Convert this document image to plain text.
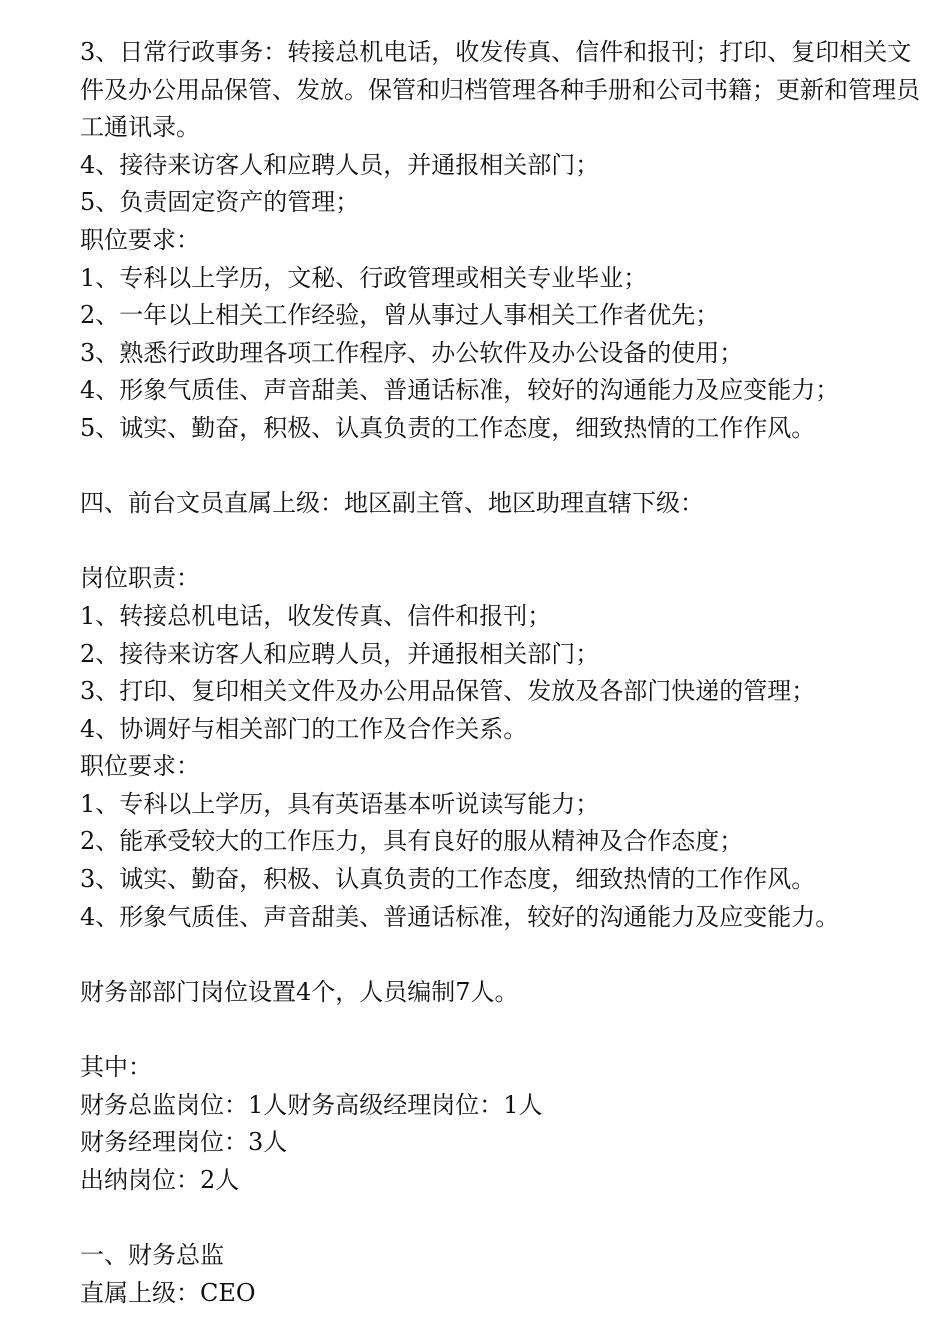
3、日常行政事务：转接总机电话，收发传真、信件和报刊；打印、复印相关文件及办公用品保管、发放。保管和归档管理各种手册和公司书籍；更新和管理员工通讯录。
4、接待来访客人和应聘人员，并通报相关部门；
5、负责固定资产的管理；
职位要求：
1、专科以上学历，文秘、行政管理或相关专业毕业；
2、一年以上相关工作经验，曾从事过人事相关工作者优先；
3、熟悉行政助理各项工作程序、办公软件及办公设备的使用；
4、形象气质佳、声音甜美、普通话标准，较好的沟通能力及应变能力；
5、诚实、勤奋，积极、认真负责的工作态度，细致热情的工作作风。
四、前台文员直属上级：地区副主管、地区助理直辖下级：
岗位职责：
1、转接总机电话，收发传真、信件和报刊；
2、接待来访客人和应聘人员，并通报相关部门；
3、打印、复印相关文件及办公用品保管、发放及各部门快递的管理；
4、协调好与相关部门的工作及合作关系。
职位要求：
1、专科以上学历，具有英语基本听说读写能力；
2、能承受较大的工作压力，具有良好的服从精神及合作态度；
3、诚实、勤奋，积极、认真负责的工作态度，细致热情的工作作风。
4、形象气质佳、声音甜美、普通话标准，较好的沟通能力及应变能力。
财务部部门岗位设置4个，人员编制7人。
其中：
财务总监岗位：1人财务高级经理岗位：1人
财务经理岗位：3人
出纳岗位：2人
一、财务总监
直属上级：CEO
